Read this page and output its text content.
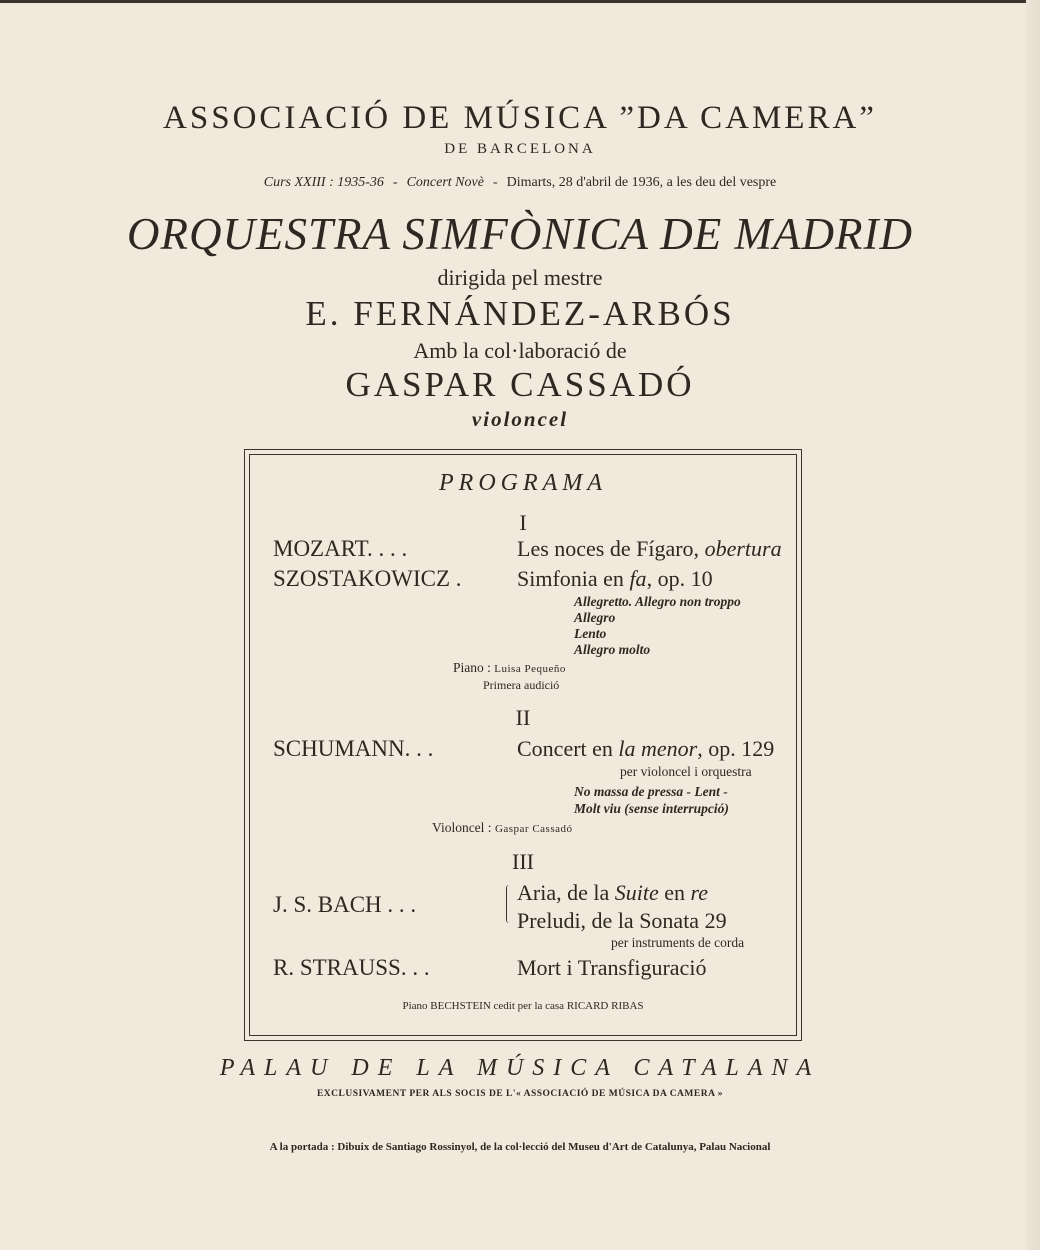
ASSOCIACIÓ DE MÚSICA ”DA CAMERA”
DE BARCELONA
Curs XXIII : 1935-36 - Concert Novè - Dimarts, 28 d'abril de 1936, a les deu del vespre
ORQUESTRA SIMFÒNICA DE MADRID
dirigida pel mestre
E. FERNÁNDEZ-ARBÓS
Amb la col·laboració de
GASPAR CASSADÓ
violoncel
PROGRAMA
I
MOZART. . . .	Les noces de Fígaro, obertura
SZOSTAKOWICZ .	Simfonia en fa, op. 10
Allegretto. Allegro non troppo
Allegro
Lento
Allegro molto
Piano : Luisa Pequeño
Primera audició
II
SCHUMANN. . .	Concert en la menor, op. 129
per violoncel i orquestra
No massa de pressa - Lent -
Molt viu (sense interrupció)
Violoncel : Gaspar Cassadó
III
J. S. BACH . . .	Aria, de la Suite en re
Preludi, de la Sonata 29
per instruments de corda
R. STRAUSS. . .	Mort i Transfiguració
Piano BECHSTEIN cedit per la casa RICARD RIBAS
PALAU DE LA MÚSICA CATALANA
EXCLUSIVAMENT PER ALS SOCIS DE L'« ASSOCIACIÓ DE MÚSICA DA CAMERA »
A la portada : Dibuix de Santiago Rossinyol, de la col·lecció del Museu d'Art de Catalunya, Palau Nacional
